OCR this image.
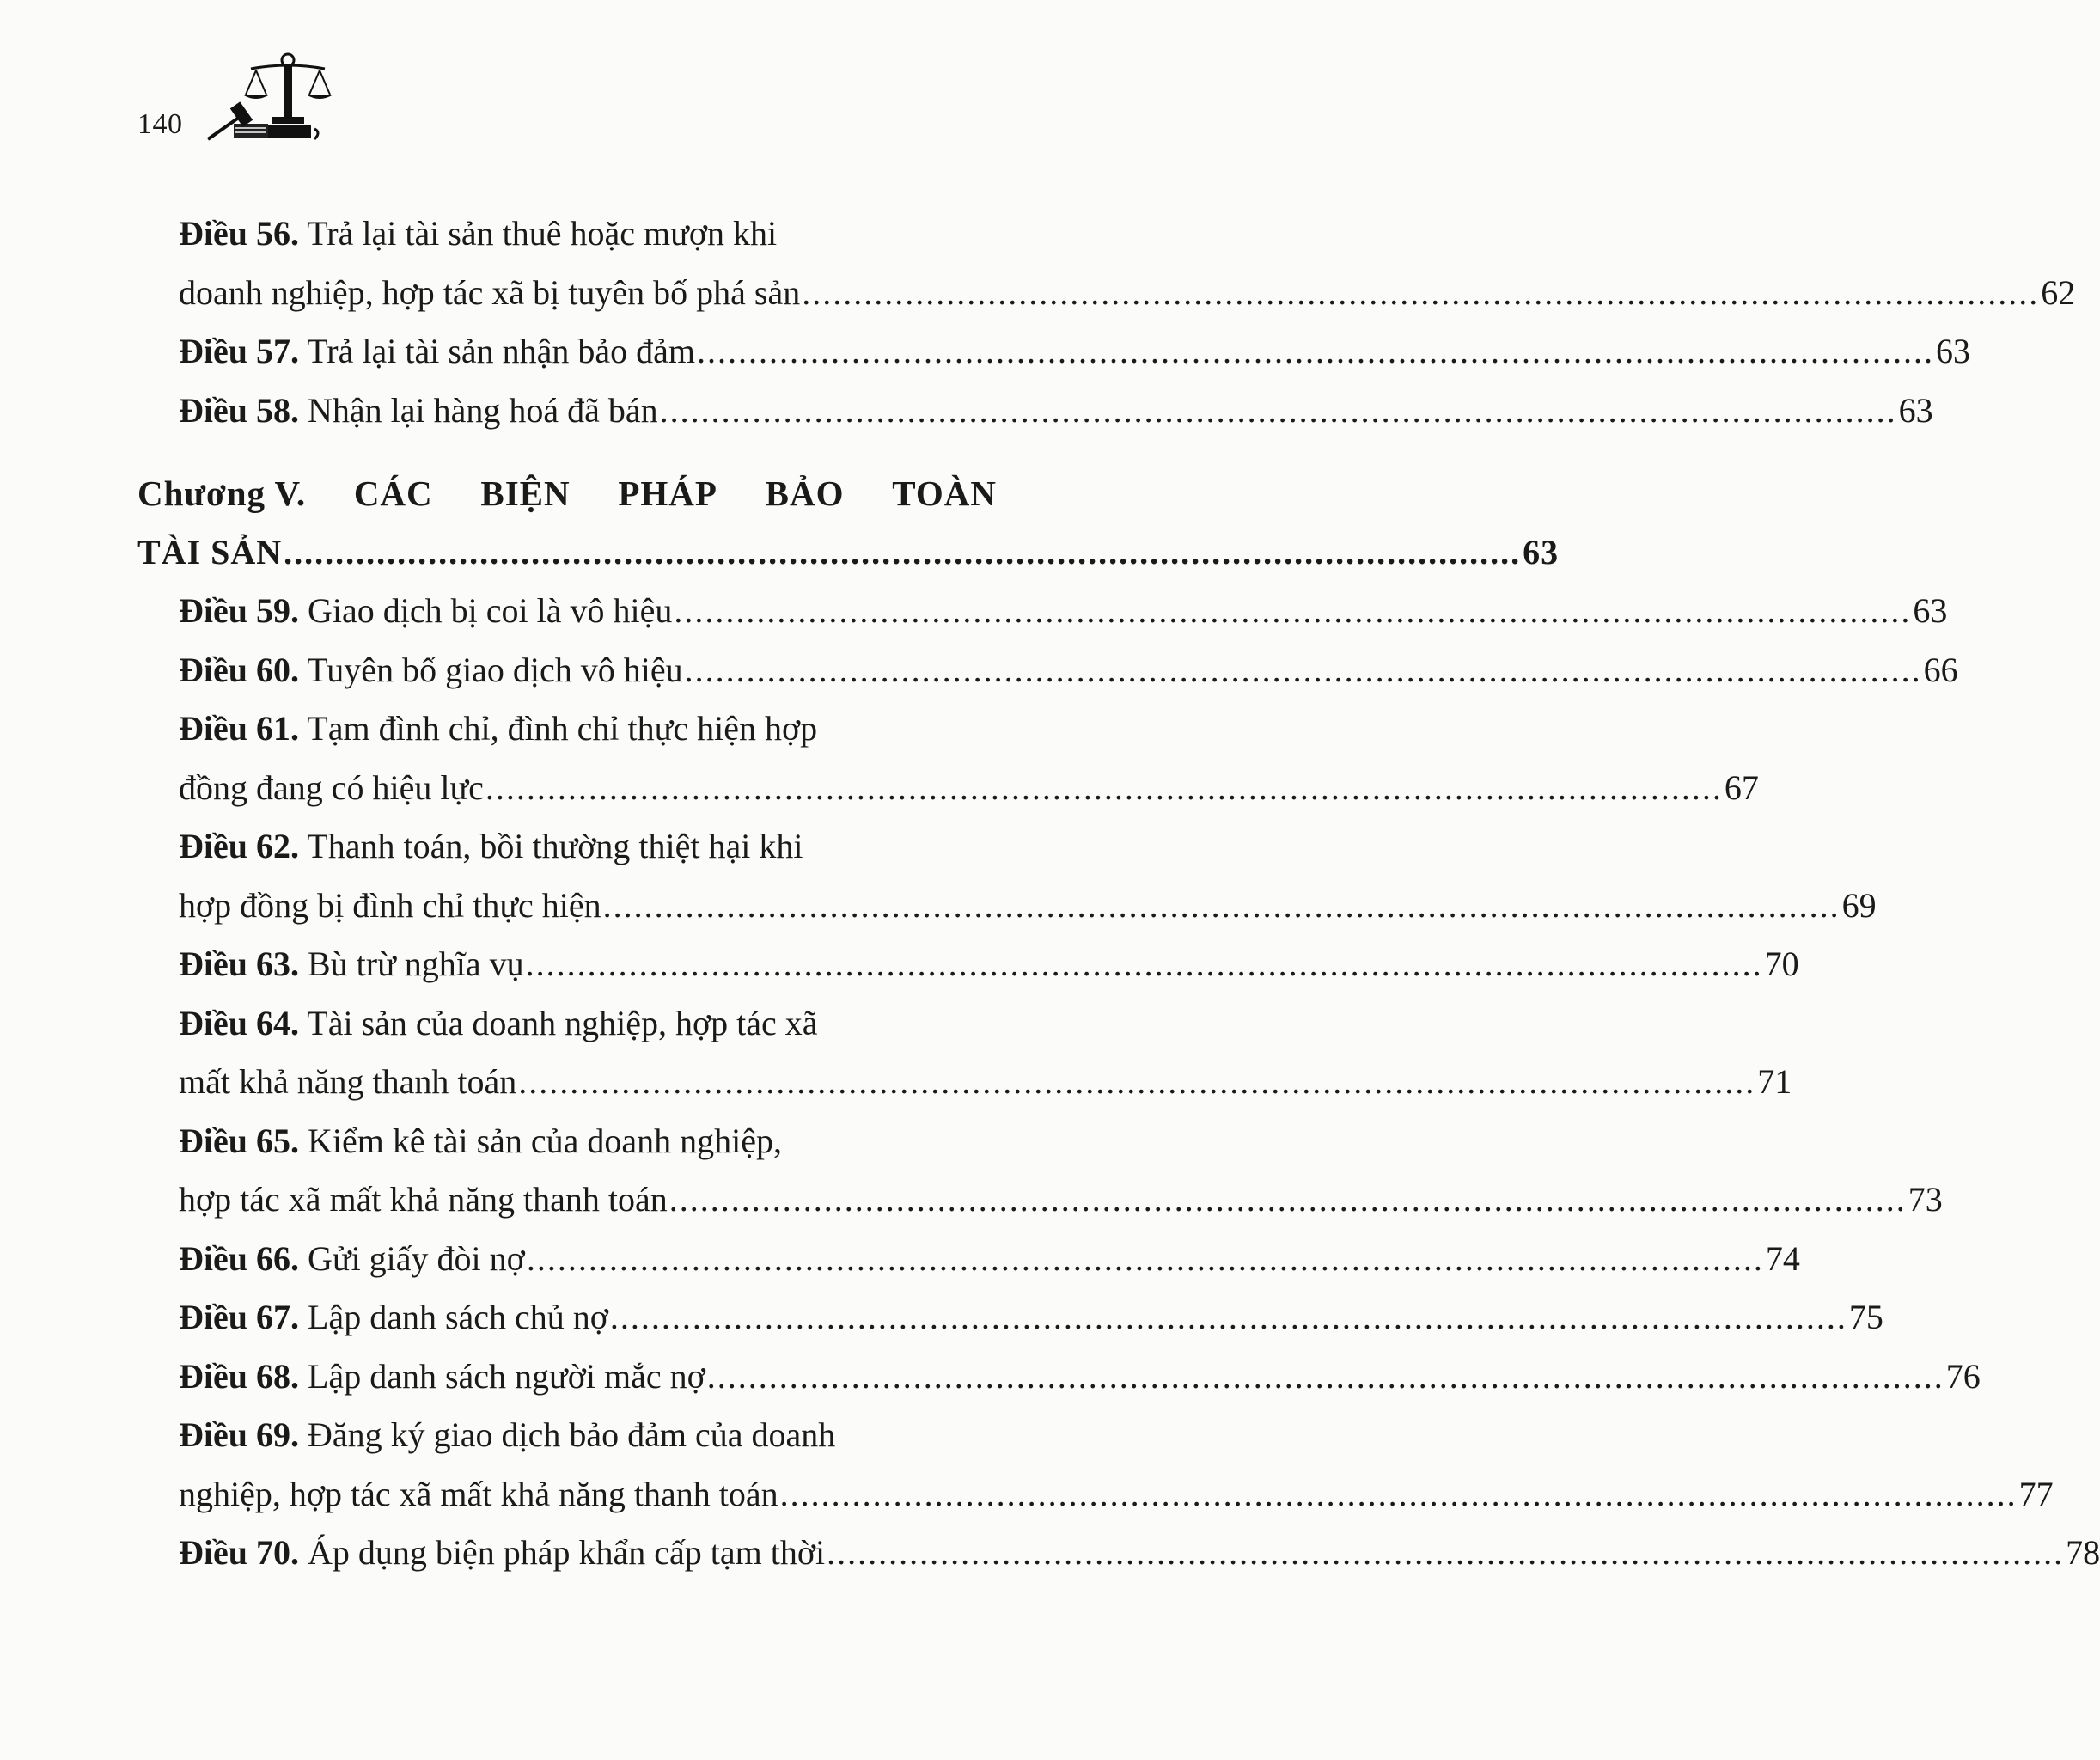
140
Điều 56. Trả lại tài sản thuê hoặc mượn khi
doanh nghiệp, hợp tác xã bị tuyên bố phá sản ........................................................................................................................ 62
Điều 57. Trả lại tài sản nhận bảo đảm ........................................................................................................................ 63
Điều 58. Nhận lại hàng hoá đã bán ........................................................................................................................ 63
Chương V. CÁC BIỆN PHÁP BẢO TOÀN
TÀI SẢN ........................................................................................................................ 63
Điều 59. Giao dịch bị coi là vô hiệu ........................................................................................................................ 63
Điều 60. Tuyên bố giao dịch vô hiệu ........................................................................................................................ 66
Điều 61. Tạm đình chỉ, đình chỉ thực hiện hợp
đồng đang có hiệu lực ........................................................................................................................ 67
Điều 62. Thanh toán, bồi thường thiệt hại khi
hợp đồng bị đình chỉ thực hiện ........................................................................................................................ 69
Điều 63. Bù trừ nghĩa vụ ........................................................................................................................ 70
Điều 64. Tài sản của doanh nghiệp, hợp tác xã
mất khả năng thanh toán ........................................................................................................................ 71
Điều 65. Kiểm kê tài sản của doanh nghiệp,
hợp tác xã mất khả năng thanh toán ........................................................................................................................ 73
Điều 66. Gửi giấy đòi nợ ........................................................................................................................ 74
Điều 67. Lập danh sách chủ nợ ........................................................................................................................ 75
Điều 68. Lập danh sách người mắc nợ ........................................................................................................................ 76
Điều 69. Đăng ký giao dịch bảo đảm của doanh
nghiệp, hợp tác xã mất khả năng thanh toán ........................................................................................................................ 77
Điều 70. Áp dụng biện pháp khẩn cấp tạm thời ........................................................................................................................ 78
